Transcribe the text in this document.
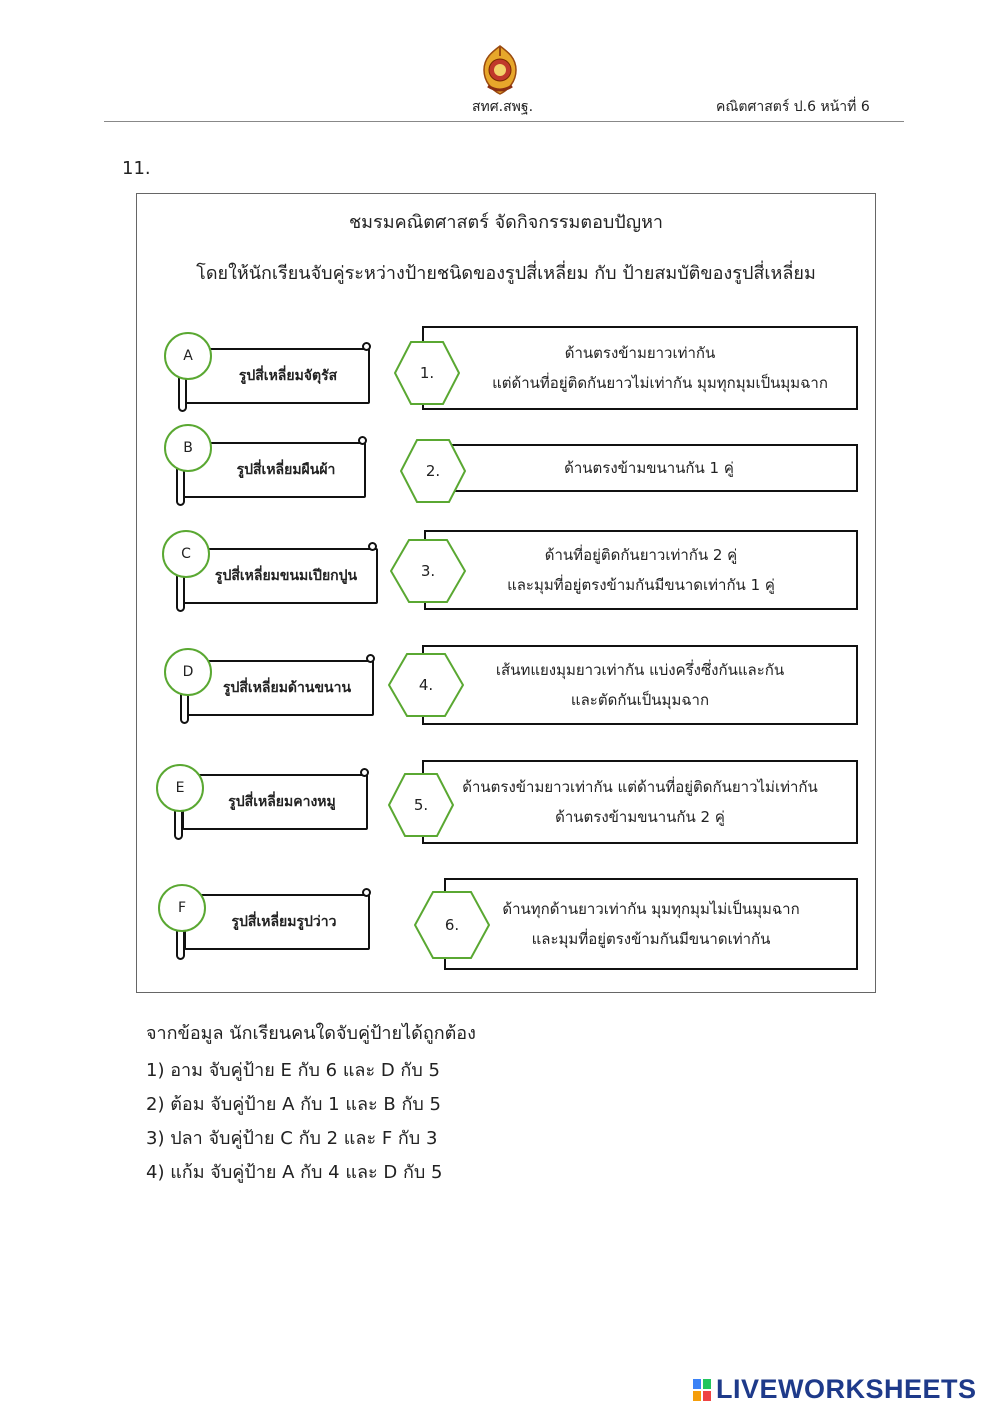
สทศ.สพฐ.	คณิตศาสตร์ ป.6 หน้าที่ 6
11.
ชมรมคณิตศาสตร์ จัดกิจกรรมตอบปัญหา
โดยให้นักเรียนจับคู่ระหว่างป้ายชนิดของรูปสี่เหลี่ยม กับ ป้ายสมบัติของรูปสี่เหลี่ยม
รูปสี่เหลี่ยมจัตุรัส
A
รูปสี่เหลี่ยมผืนผ้า
B
รูปสี่เหลี่ยมขนมเปียกปูน
C
รูปสี่เหลี่ยมด้านขนาน
D
รูปสี่เหลี่ยมคางหมู
E
รูปสี่เหลี่ยมรูปว่าว
F
ด้านตรงข้ามยาวเท่ากัน
แต่ด้านที่อยู่ติดกันยาวไม่เท่ากัน มุมทุกมุมเป็นมุมฉาก
1.
ด้านตรงข้ามขนานกัน 1 คู่
2.
ด้านที่อยู่ติดกันยาวเท่ากัน 2 คู่
และมุมที่อยู่ตรงข้ามกันมีขนาดเท่ากัน 1 คู่
3.
เส้นทแยงมุมยาวเท่ากัน แบ่งครึ่งซึ่งกันและกัน
และตัดกันเป็นมุมฉาก
4.
ด้านตรงข้ามยาวเท่ากัน แต่ด้านที่อยู่ติดกันยาวไม่เท่ากัน
ด้านตรงข้ามขนานกัน 2 คู่
5.
ด้านทุกด้านยาวเท่ากัน มุมทุกมุมไม่เป็นมุมฉาก
และมุมที่อยู่ตรงข้ามกันมีขนาดเท่ากัน
6.
จากข้อมูล นักเรียนคนใดจับคู่ป้ายได้ถูกต้อง
1) อาม จับคู่ป้าย E กับ 6 และ D กับ 5
2) ต้อม จับคู่ป้าย A กับ 1 และ B กับ 5
3) ปลา จับคู่ป้าย C กับ 2 และ F กับ 3
4) แก้ม จับคู่ป้าย A กับ 4 และ D กับ 5
LIVEWORKSHEETS
